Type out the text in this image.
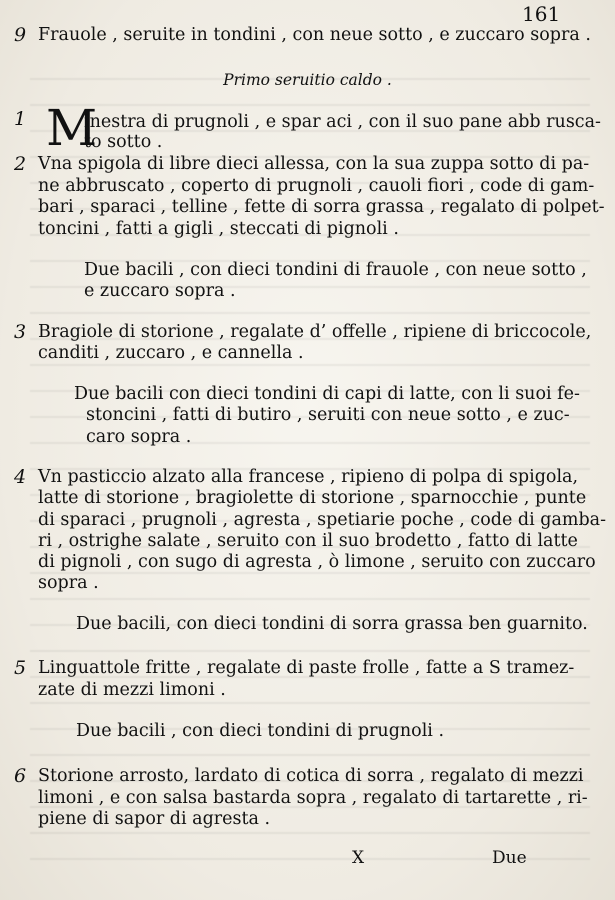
161
9 Frauole , seruite in tondini , con neue sotto , e zuccaro sopra .
Primo seruitio caldo .
1 M
inestra di prugnoli , e spar aci , con il suo pane abb rusca-
to sotto .
2 Vna spigola di libre dieci allessa, con la sua zuppa sotto di pa-
ne abbruscato , coperto di prugnoli , cauoli fiori , code di gam-
bari , sparaci , telline , fette di sorra grassa , regalato di polpet-
toncini , fatti a gigli , steccati di pignoli .
Due bacili , con dieci tondini di frauole , con neue sotto ,
e zuccaro sopra .
3 Bragiole di storione , regalate d’ offelle , ripiene di briccocole,
canditi , zuccaro , e cannella .
Due bacili con dieci tondini di capi di latte, con li suoi fe-
stoncini , fatti di butiro , seruiti con neue sotto , e zuc-
caro sopra .
4 Vn pasticcio alzato alla francese , ripieno di polpa di spigola,
latte di storione , bragiolette di storione , sparnocchie , punte
di sparaci , prugnoli , agresta , spetiarie poche , code di gamba-
ri , ostrighe salate , seruito con il suo brodetto , fatto di latte
di pignoli , con sugo di agresta , ò limone , seruito con zuccaro
sopra .
Due bacili, con dieci tondini di sorra grassa ben guarnito.
5 Linguattole fritte , regalate di paste frolle , fatte a S tramez-
zate di mezzi limoni .
Due bacili , con dieci tondini di prugnoli .
6 Storione arrosto, lardato di cotica di sorra , regalato di mezzi
limoni , e con salsa bastarda sopra , regalato di tartarette , ri-
piene di sapor di agresta .
X	Due
